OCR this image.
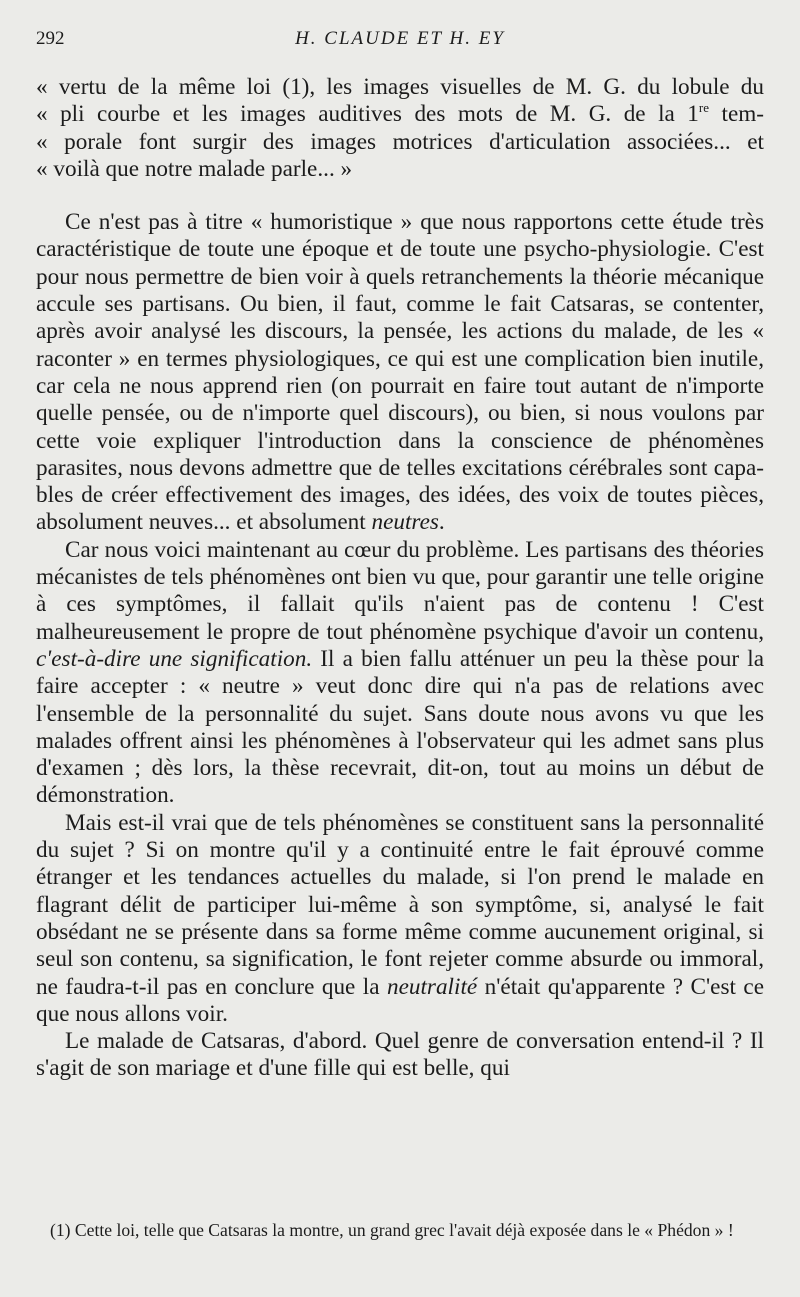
292	H. CLAUDE ET H. EY
« vertu de la même loi (1), les images visuelles de M. G. du lobule du
« pli courbe et les images auditives des mots de M. G. de la 1re tem-
« porale font surgir des images motrices d'articulation associées... et
« voilà que notre malade parle... »

Ce n'est pas à titre « humoristique » que nous rapportons cette étude très caractéristique de toute une époque et de toute une psycho-physiologie. C'est pour nous permettre de bien voir à quels retranchements la théorie mécanique accule ses partisans. Ou bien, il faut, comme le fait Catsaras, se contenter, après avoir analysé les discours, la pensée, les actions du malade, de les « raconter » en termes physiologiques, ce qui est une complication bien inutile, car cela ne nous apprend rien (on pourrait en faire tout autant de n'importe quelle pensée, ou de n'importe quel discours), ou bien, si nous voulons par cette voie expliquer l'introduction dans la conscience de phénomènes parasites, nous devons admettre que de telles excitations cérébrales sont capables de créer effectivement des images, des idées, des voix de toutes pièces, absolument neuves... et absolument neutres.

Car nous voici maintenant au cœur du problème. Les partisans des théories mécanistes de tels phénomènes ont bien vu que, pour garantir une telle origine à ces symptômes, il fallait qu'ils n'aient pas de contenu ! C'est malheureusement le propre de tout phénomène psychique d'avoir un contenu, c'est-à-dire une signification. Il a bien fallu atténuer un peu la thèse pour la faire accepter : « neutre » veut donc dire qui n'a pas de relations avec l'ensemble de la personnalité du sujet. Sans doute nous avons vu que les malades offrent ainsi les phénomènes à l'observateur qui les admet sans plus d'examen ; dès lors, la thèse recevrait, dit-on, tout au moins un début de démonstration.

Mais est-il vrai que de tels phénomènes se constituent sans la personnalité du sujet ? Si on montre qu'il y a continuité entre le fait éprouvé comme étranger et les tendances actuelles du malade, si l'on prend le malade en flagrant délit de participer lui-même à son symptôme, si, analysé le fait obsédant ne se présente dans sa forme même comme aucunement original, si seul son contenu, sa signification, le font rejeter comme absurde ou immoral, ne faudra-t-il pas en conclure que la neutralité n'était qu'apparente ? C'est ce que nous allons voir.

Le malade de Catsaras, d'abord. Quel genre de conversation entend-il ? Il s'agit de son mariage et d'une fille qui est belle, qui

(1) Cette loi, telle que Catsaras la montre, un grand grec l'avait déjà exposée dans le « Phédon » !
